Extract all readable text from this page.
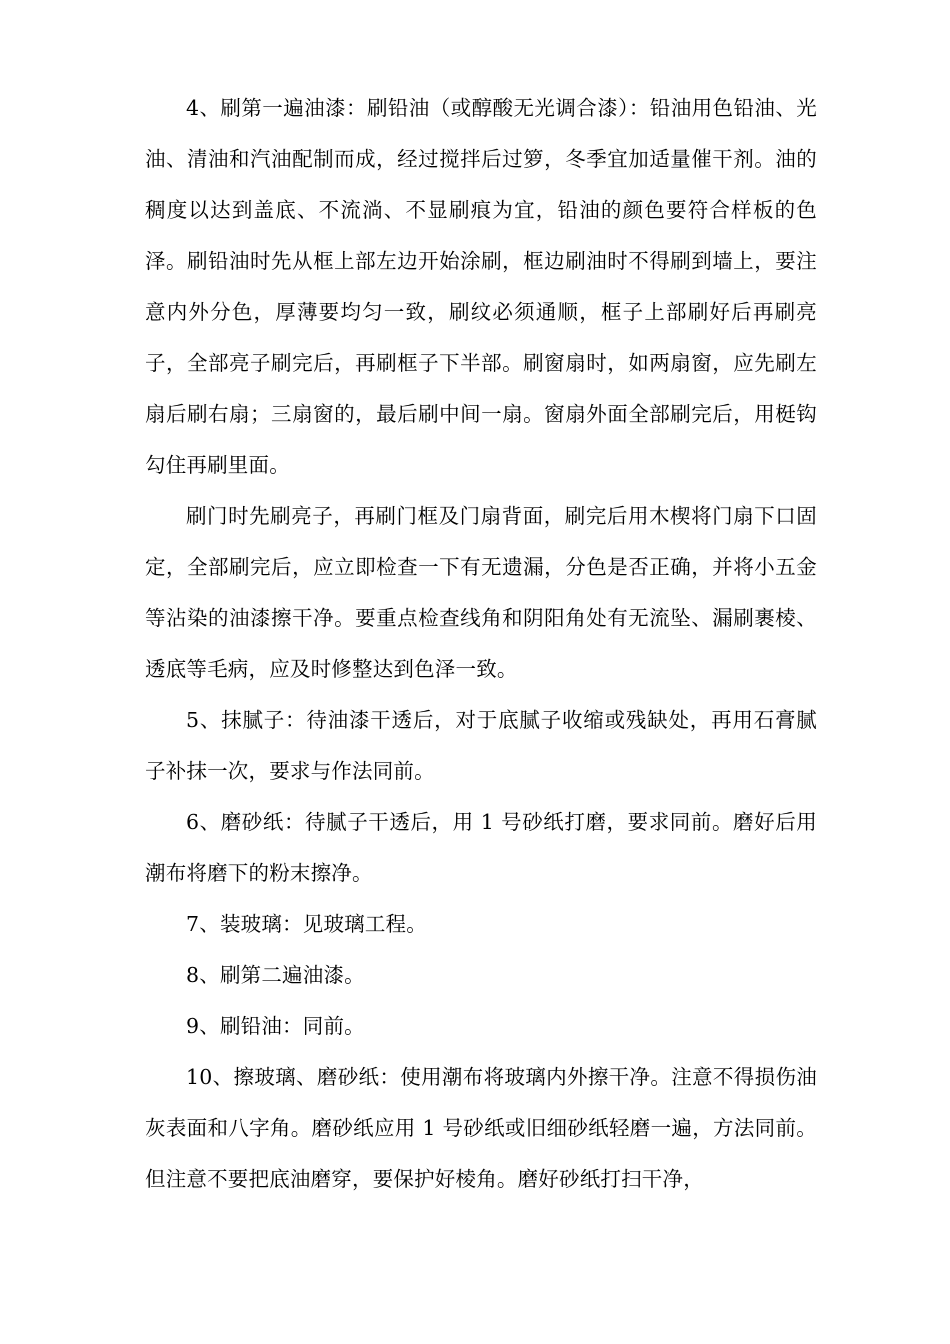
4、刷第一遍油漆：刷铅油（或醇酸无光调合漆）：铅油用色铅油、光油、清油和汽油配制而成，经过搅拌后过箩，冬季宜加适量催干剂。油的稠度以达到盖底、不流淌、不显刷痕为宜，铅油的颜色要符合样板的色泽。刷铅油时先从框上部左边开始涂刷，框边刷油时不得刷到墙上，要注意内外分色，厚薄要均匀一致，刷纹必须通顺，框子上部刷好后再刷亮子，全部亮子刷完后，再刷框子下半部。刷窗扇时，如两扇窗，应先刷左扇后刷右扇；三扇窗的，最后刷中间一扇。窗扇外面全部刷完后，用梃钩勾住再刷里面。

刷门时先刷亮子，再刷门框及门扇背面，刷完后用木楔将门扇下口固定，全部刷完后，应立即检查一下有无遗漏，分色是否正确，并将小五金等沾染的油漆擦干净。要重点检查线角和阴阳角处有无流坠、漏刷裹棱、透底等毛病，应及时修整达到色泽一致。

5、抹腻子：待油漆干透后，对于底腻子收缩或残缺处，再用石膏腻子补抹一次，要求与作法同前。

6、磨砂纸：待腻子干透后，用 1 号砂纸打磨，要求同前。磨好后用潮布将磨下的粉末擦净。

7、装玻璃：见玻璃工程。

8、刷第二遍油漆。

9、刷铅油：同前。

10、擦玻璃、磨砂纸：使用潮布将玻璃内外擦干净。注意不得损伤油灰表面和八字角。磨砂纸应用 1 号砂纸或旧细砂纸轻磨一遍，方法同前。但注意不要把底油磨穿，要保护好棱角。磨好砂纸打扫干净，
